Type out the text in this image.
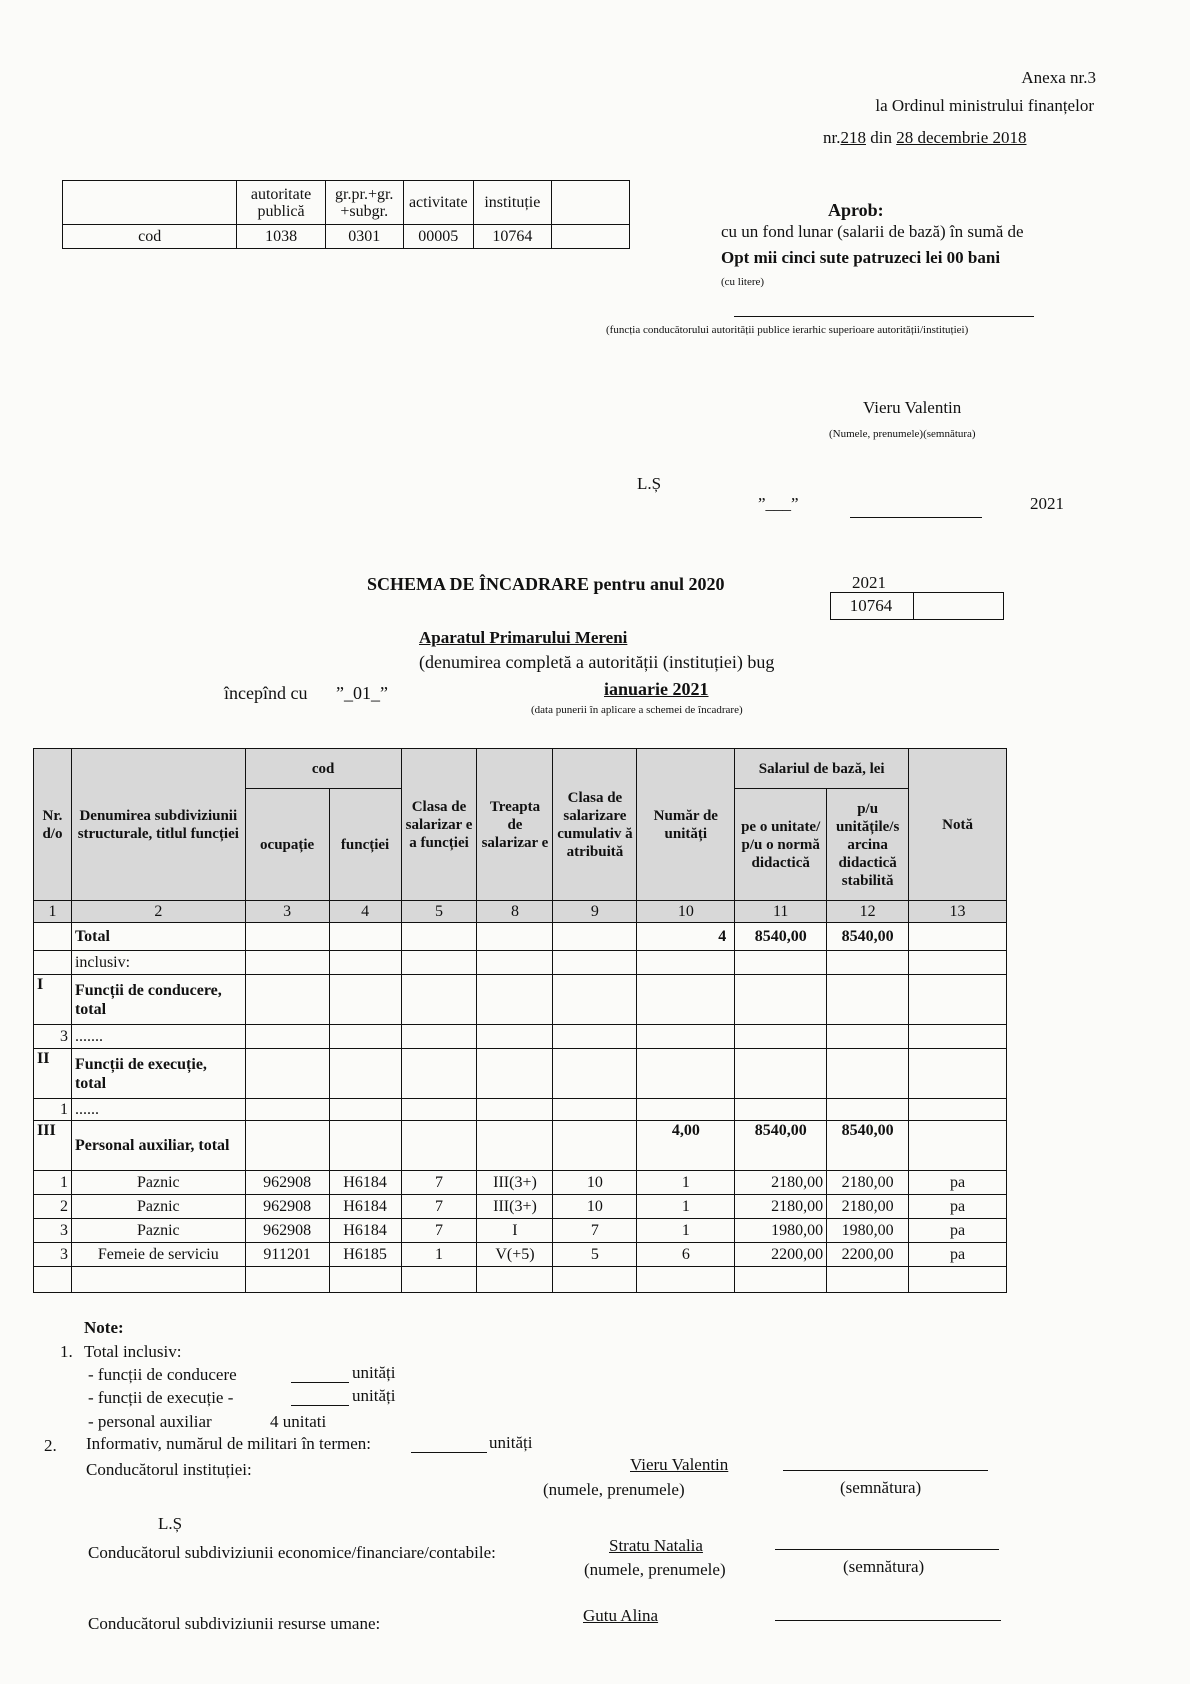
Anexa nr.3
la Ordinul ministrului finanțelor
nr.218 din 28 decembrie 2018
	autoritate publică	gr.pr.+gr. +subgr.	activitate	instituție	
cod	1038	0301	00005	10764	
Aprob:
cu un fond lunar (salarii de bază) în sumă de
Opt mii cinci sute patruzeci lei 00 bani
(cu litere)
(funcția conducătorului autorității publice ierarhic superioare autorității/instituției)
Vieru Valentin
(Numele, prenumele)(semnătura)
L.Ș
”___”	2021
SCHEMA DE ÎNCADRARE pentru anul 2020	2021
10764
Aparatul Primarului Mereni
(denumirea completă a autorității (instituției) bug
începînd cu ”_01_”	ianuarie 2021
(data punerii în aplicare a schemei de încadrare)
Nr. d/o	Denumirea subdiviziunii structurale, titlul funcției	cod		Clasa de salarizar e a funcției	Treapta de salarizar e	Clasa de salarizare cumulativ ă atribuită	Număr de unități	Salariul de bază, lei		Notă
		ocupație	funcției					pe o unitate/ p/u o normă didactică	p/u unitățile/s arcina didactică stabilită	
1	2	3	4	5	8	9	10	11	12	13
	Total						4	8540,00	8540,00	
	inclusiv:									
I	Funcții de conducere, total									
3	.......									
II	Funcții de execuție, total									
1	......									
III	Personal auxiliar, total						4,00	8540,00	8540,00	
1	Paznic	962908	H6184	7	III(3+)	10	1	2180,00	2180,00	pa
2	Paznic	962908	H6184	7	III(3+)	10	1	2180,00	2180,00	pa
3	Paznic	962908	H6184	7	I	7	1	1980,00	1980,00	pa
3	Femeie de serviciu	911201	H6185	1	V(+5)	5	6	2200,00	2200,00	pa

Note:
1. Total inclusiv:
- funcții de conducere	unități
- funcții de execuție -	unități
- personal auxiliar	4 unitati
2. Informativ, numărul de militari în termen:	unități
Conducătorul instituției:	Vieru Valentin
(numele, prenumele)	(semnătura)
L.Ș
Conducătorul subdiviziunii economice/financiare/contabile:	Stratu Natalia
(numele, prenumele)	(semnătura)
Conducătorul subdiviziunii resurse umane:	Gutu Alina
